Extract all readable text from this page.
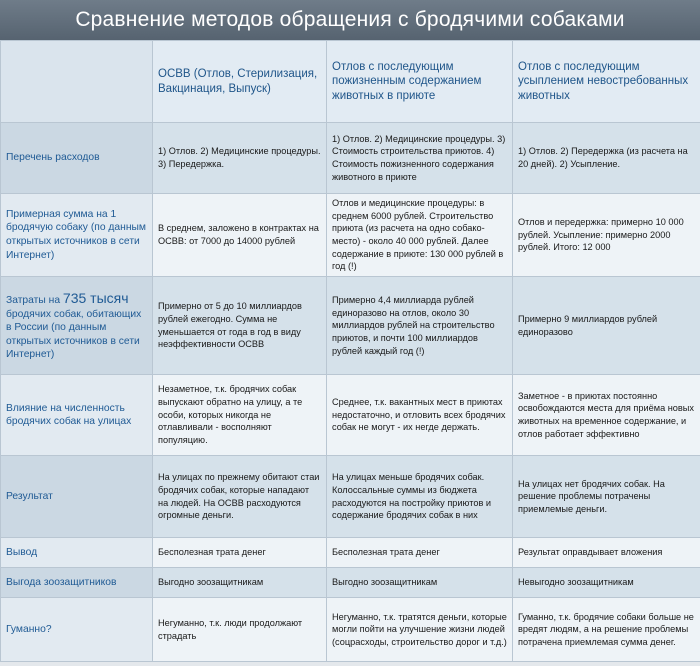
Сравнение методов обращения с бродячими собаками
	ОСВВ (Отлов, Стерилизация, Вакцинация, Выпуск)	Отлов с последующим пожизненным содержанием животных в приюте	Отлов с последующим усыплением невостребованных животных
Перечень расходов	1) Отлов. 2) Медицинские процедуры. 3) Передержка.	1) Отлов. 2) Медицинские процедуры. 3) Стоимость строительства приютов. 4) Стоимость пожизненного содержания животного в приюте	1) Отлов. 2) Передержка (из расчета на 20 дней). 2) Усыпление.
Примерная сумма на 1 бродячую собаку (по данным открытых источников в сети Интернет)	В среднем, заложено в контрактах на ОСВВ: от 7000 до 14000 рублей	Отлов и медицинские процедуры: в среднем 6000 рублей. Строительство приюта (из расчета на одно собако-место) - около 40 000 рублей. Далее содержание в приюте: 130 000 рублей в год (!)	Отлов и передержка: примерно 10 000 рублей. Усыпление: примерно 2000 рублей. Итого: 12 000
Затраты на 735 тысяч бродячих собак, обитающих в России (по данным открытых источников в сети Интернет)	Примерно от 5 до 10 миллиардов рублей ежегодно. Сумма не уменьшается от года в год в виду неэффективности ОСВВ	Примерно 4,4 миллиарда рублей единоразово на отлов, около 30 миллиардов рублей на строительство приютов, и почти 100 миллиардов рублей каждый год (!)	Примерно 9 миллиардов рублей единоразово
Влияние на численность бродячих собак на улицах	Незаметное, т.к. бродячих собак выпускают обратно на улицу, а те особи, которых никогда не отлавливали - восполняют популяцию.	Среднее, т.к. вакантных мест в приютах недостаточно, и отловить всех бродячих собак не могут - их негде держать.	Заметное - в приютах постоянно освобождаются места для приёма новых животных на временное содержание, и отлов работает эффективно
Результат	На улицах по прежнему обитают стаи бродячих собак, которые нападают на людей. На ОСВВ расходуются огромные деньги.	На улицах меньше бродячих собак. Колоссальные суммы из бюджета расходуются на постройку приютов и содержание бродячих собак в них	На улицах нет бродячих собак. На решение проблемы потрачены приемлемые деньги.
Вывод	Бесполезная трата денег	Бесполезная трата денег	Результат оправдывает вложения
Выгода зоозащитников	Выгодно зоозащитникам	Выгодно зоозащитникам	Невыгодно зоозащитникам
Гуманно?	Негуманно, т.к. люди продолжают страдать	Негуманно, т.к. тратятся деньги, которые могли пойти на улучшение жизни людей (соцрасходы, строительство дорог и т.д.)	Гуманно, т.к. бродячие собаки больше не вредят людям, а на решение проблемы потрачена приемлемая сумма денег.
